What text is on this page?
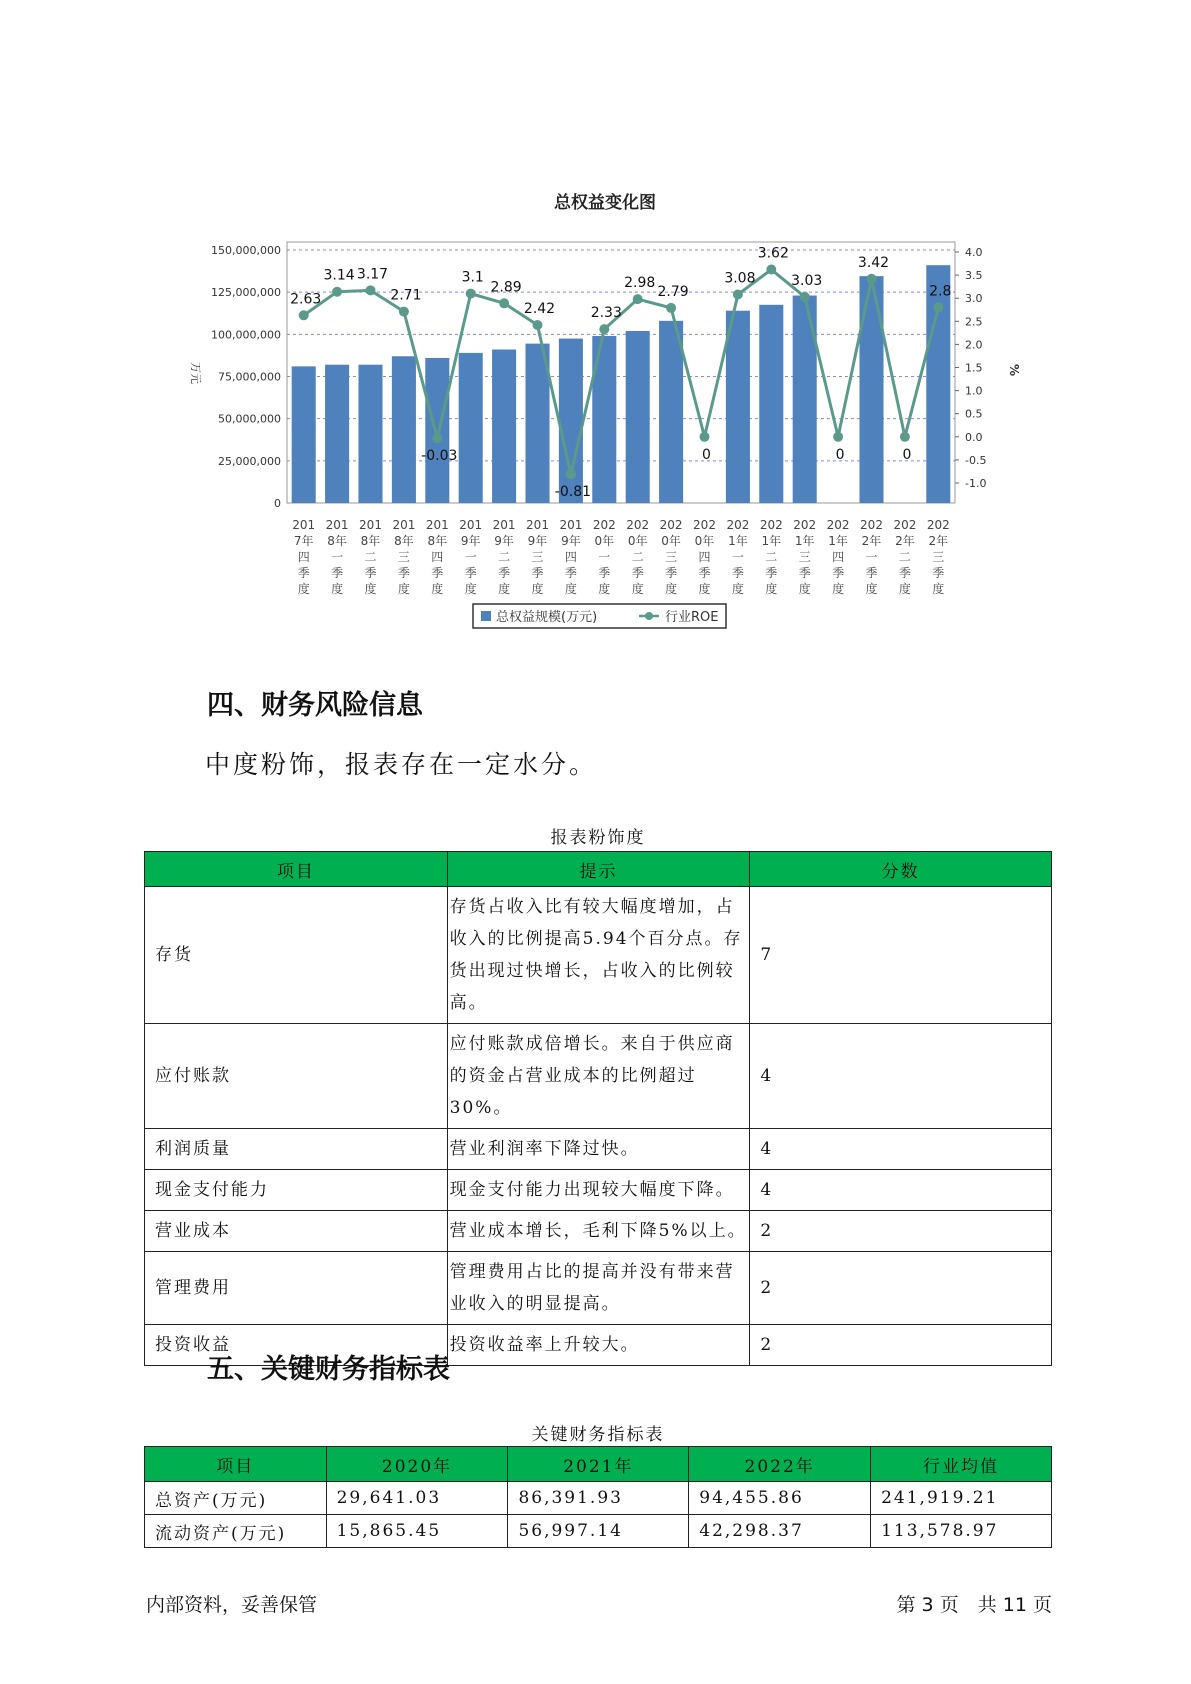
总权益变化图
150,000,000
125,000,000
100,000,000
75,000,000
50,000,000
25,000,000
0
4.0
3.5
3.0
2.5
2.0
1.5
1.0
0.5
0.0
-0.5
-1.0
万元	%
2.63
3.14 3.17
2.71
-0.03
3.1
2.89
2.42
-0.81
2.33
2.98
2.79
0
3.08
3.62
3.03
0
3.42
0
2.8
201
7年
四
季
度
201
8年
一
季
度
201
8年
二
季
度
201
8年
三
季
度
201
8年
四
季
度
201
9年
一
季
度
201
9年
二
季
度
201
9年
三
季
度
201
9年
四
季
度
202
0年
一
季
度
202
0年
二
季
度
202
0年
三
季
度
202
0年
四
季
度
202
1年
一
季
度
202
1年
二
季
度
202
1年
三
季
度
202
1年
四
季
度
202
2年
一
季
度
202
2年
二
季
度
202
2年
三
季
度
总权益规模(万元)	行业ROE
四、财务风险信息
中度粉饰，报表存在一定水分。
报表粉饰度
项目	提示	分数
存货	存货占收入比有较大幅度增加，占收入的比例提高5.94个百分点。存货出现过快增长，占收入的比例较高。	7
应付账款	应付账款成倍增长。来自于供应商的资金占营业成本的比例超过30%。	4
利润质量	营业利润率下降过快。	4
现金支付能力	现金支付能力出现较大幅度下降。	4
营业成本	营业成本增长，毛利下降5%以上。	2
管理费用	管理费用占比的提高并没有带来营业收入的明显提高。	2
投资收益	投资收益率上升较大。	2
五、关键财务指标表
关键财务指标表
项目	2020年	2021年	2022年	行业均值
总资产(万元)	29,641.03	86,391.93	94,455.86	241,919.21
流动资产(万元)	15,865.45	56,997.14	42,298.37	113,578.97
内部资料，妥善保管	第 3 页　共 11 页
